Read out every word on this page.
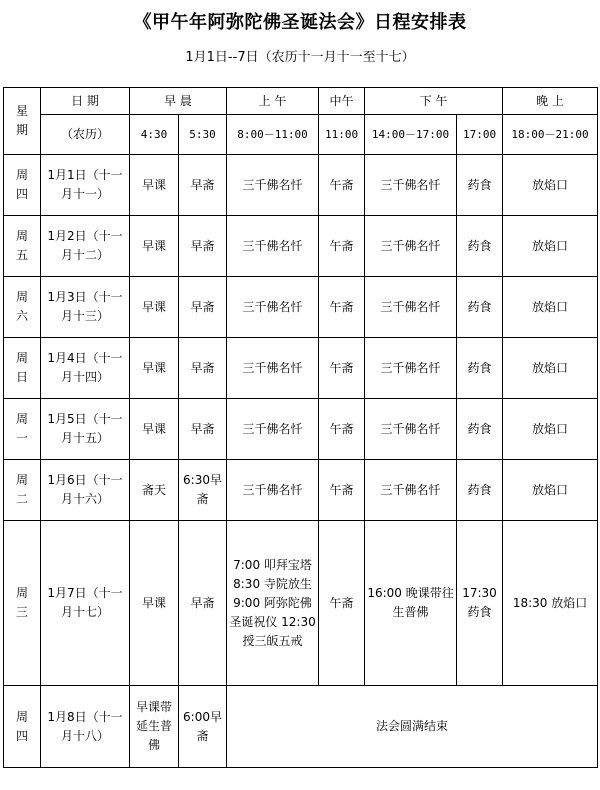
《甲午年阿弥陀佛圣诞法会》日程安排表
1月1日--7日（农历十一月十一至十七）
星期	日 期	早 晨		上 午	中午	下 午		晚 上
	（农历）	4:30	5:30	8:00－11:00	11:00	14:00－17:00	17:00	18:00－21:00
周四	1月1日（十一月十一）	早课	早斋	三千佛名忏	午斋	三千佛名忏	药食	放焰口
周五	1月2日（十一月十二）	早课	早斋	三千佛名忏	午斋	三千佛名忏	药食	放焰口
周六	1月3日（十一月十三）	早课	早斋	三千佛名忏	午斋	三千佛名忏	药食	放焰口
周日	1月4日（十一月十四）	早课	早斋	三千佛名忏	午斋	三千佛名忏	药食	放焰口
周一	1月5日（十一月十五）	早课	早斋	三千佛名忏	午斋	三千佛名忏	药食	放焰口
周二	1月6日（十一月十六）	斋天	6:30早斋	三千佛名忏	午斋	三千佛名忏	药食	放焰口
周三	1月7日（十一月十七）	早课	早斋	7:00 叩拜宝塔 8:30 寺院放生 9:00 阿弥陀佛圣诞祝仪 12:30 授三皈五戒	午斋	16:00 晚课带往生普佛	17:30药食	18:30 放焰口
周四	1月8日（十一月十八）	早课带延生普佛	6:00早斋	法会圆满结束				
